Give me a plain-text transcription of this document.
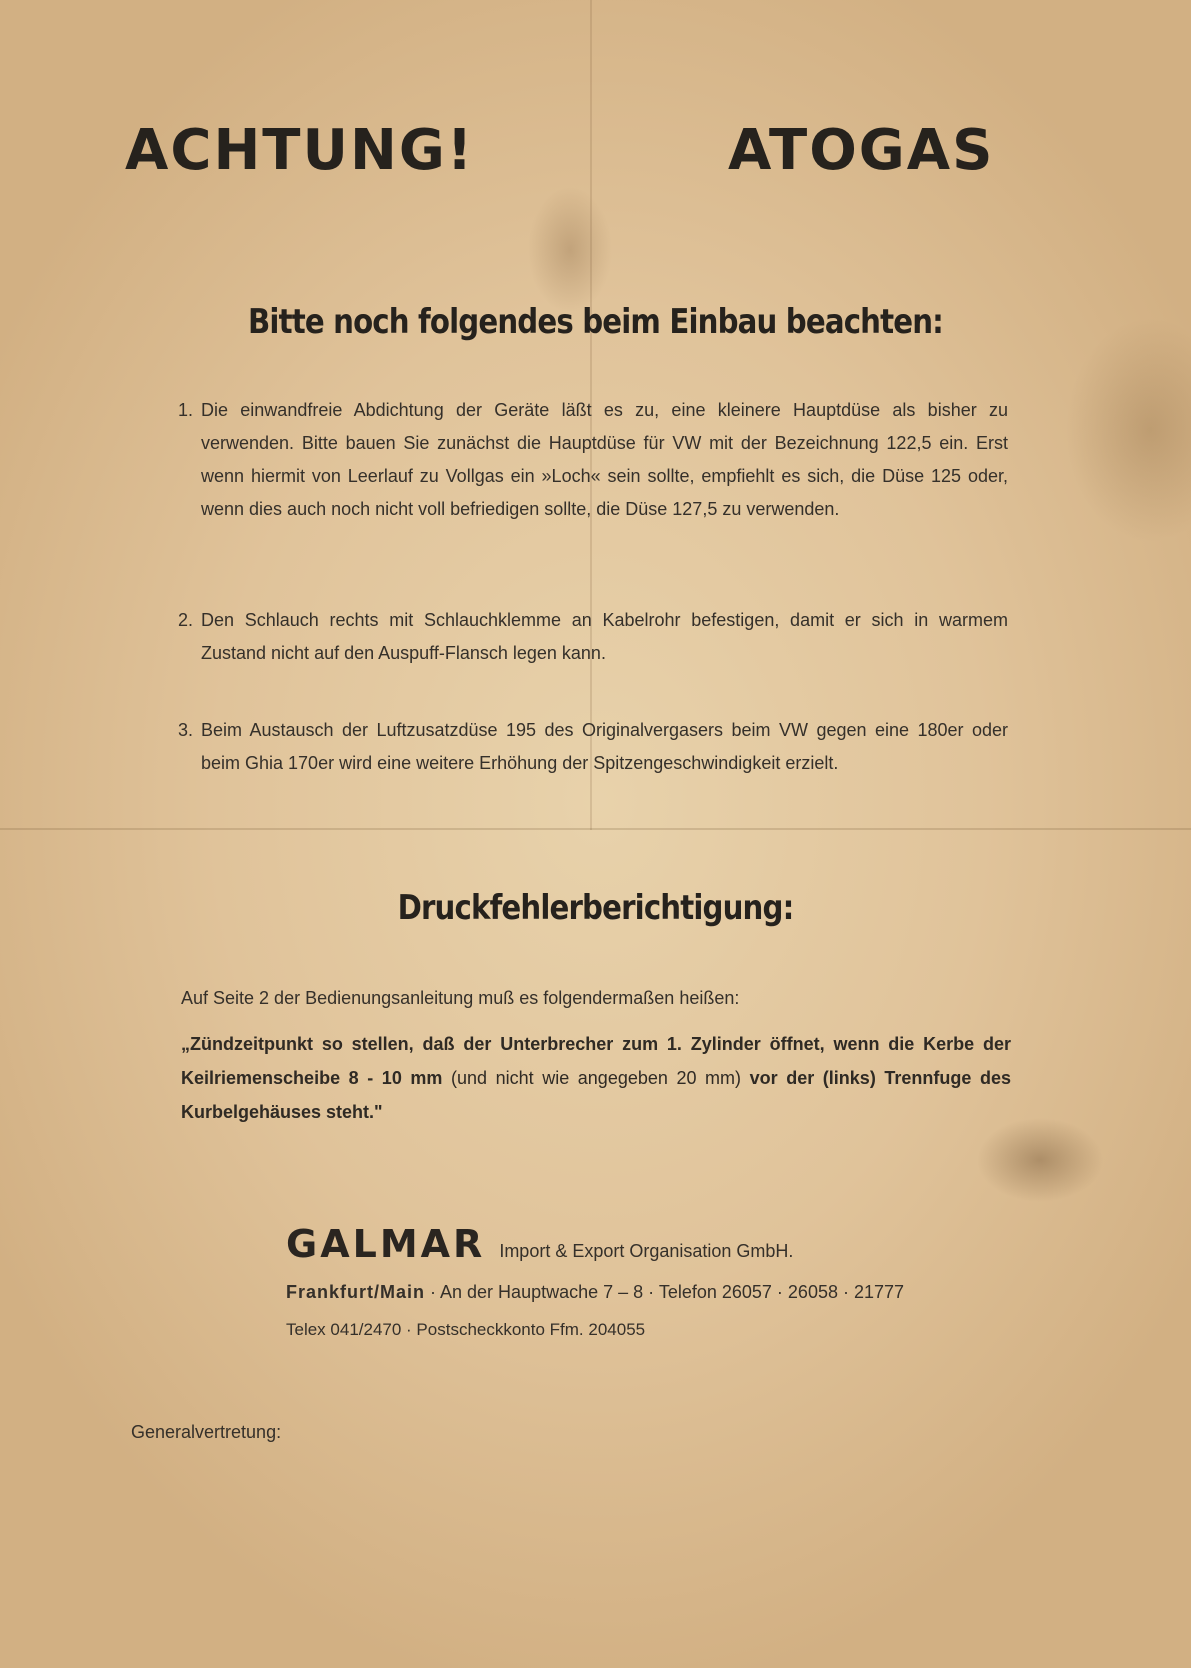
ACHTUNG!	ATOGAS
Bitte noch folgendes beim Einbau beachten:
1. Die einwandfreie Abdichtung der Geräte läßt es zu, eine kleinere Hauptdüse als bisher zu verwenden. Bitte bauen Sie zunächst die Hauptdüse für VW mit der Bezeichnung 122,5 ein. Erst wenn hiermit von Leerlauf zu Vollgas ein »Loch« sein sollte, empfiehlt es sich, die Düse 125 oder, wenn dies auch noch nicht voll befriedigen sollte, die Düse 127,5 zu verwenden.
2. Den Schlauch rechts mit Schlauchklemme an Kabelrohr befestigen, damit er sich in warmem Zustand nicht auf den Auspuff-Flansch legen kann.
3. Beim Austausch der Luftzusatzdüse 195 des Originalvergasers beim VW gegen eine 180er oder beim Ghia 170er wird eine weitere Erhöhung der Spitzengeschwindigkeit erzielt.
Druckfehlerberichtigung:
Auf Seite 2 der Bedienungsanleitung muß es folgendermaßen heißen:
„Zündzeitpunkt so stellen, daß der Unterbrecher zum 1. Zylinder öffnet, wenn die Kerbe der Keilriemenscheibe 8 - 10 mm (und nicht wie angegeben 20 mm) vor der (links) Trennfuge des Kurbelgehäuses steht."
GALMAR Import & Export Organisation GmbH.
Frankfurt/Main · An der Hauptwache 7 – 8 · Telefon 26057 · 26058 · 21777
Telex 041/2470 · Postscheckkonto Ffm. 204055
Generalvertretung:
